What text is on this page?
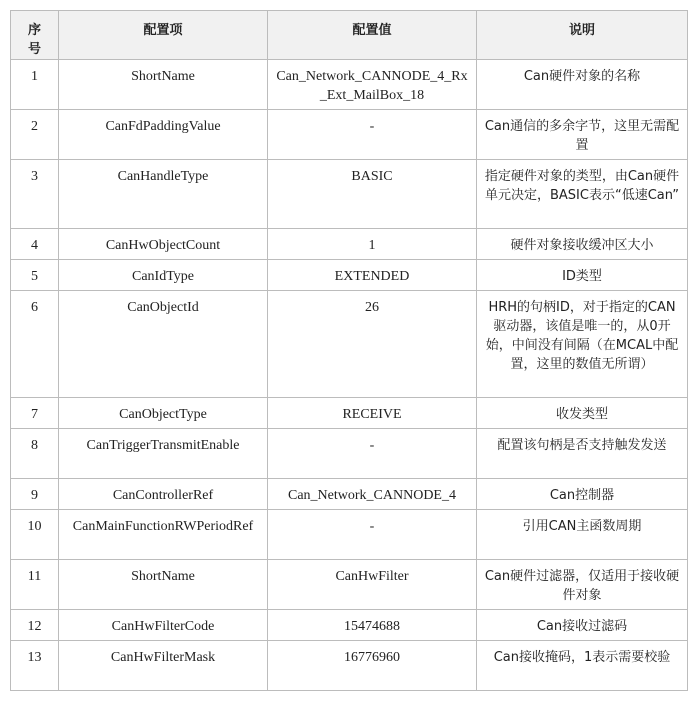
序号	配置项	配置值	说明
1	ShortName	Can_Network_CANNODE_4_Rx_Ext_MailBox_18	Can硬件对象的名称
2	CanFdPaddingValue	-	Can通信的多余字节，这里无需配置
3	CanHandleType	BASIC	指定硬件对象的类型，由Can硬件单元决定，BASIC表示“低速Can”
4	CanHwObjectCount	1	硬件对象接收缓冲区大小
5	CanIdType	EXTENDED	ID类型
6	CanObjectId	26	HRH的句柄ID，对于指定的CAN驱动器，该值是唯一的，从0开始，中间没有间隔（在MCAL中配置，这里的数值无所谓）
7	CanObjectType	RECEIVE	收发类型
8	CanTriggerTransmitEnable	-	配置该句柄是否支持触发发送
9	CanControllerRef	Can_Network_CANNODE_4	Can控制器
10	CanMainFunctionRWPeriodRef	-	引用CAN主函数周期
11	ShortName	CanHwFilter	Can硬件过滤器，仅适用于接收硬件对象
12	CanHwFilterCode	15474688	Can接收过滤码
13	CanHwFilterMask	16776960	Can接收掩码，1表示需要校验
